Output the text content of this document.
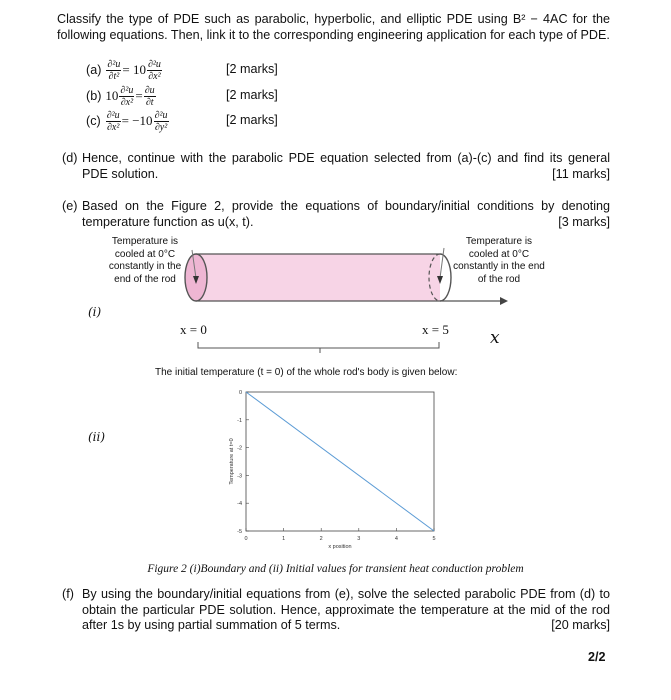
Classify the type of PDE such as parabolic, hyperbolic, and elliptic PDE using B² − 4AC for the following equations. Then, link it to the corresponding engineering application for each type of PDE.
$(a) \frac{\text{∂²u}}{\text{∂t²}} = 10 \frac{\text{∂²u}}{\text{∂x²}}$	[2 marks]
(b) $10 \frac{\text{∂²u}}{\text{∂x²}} = \frac{\partial u}{\partial t}$	[2 marks]
$(c) \frac{\text{∂²u}}{\text{∂x²}} = -10 \frac{\text{∂²u}}{\text{∂y²}}$	[2 marks]
(d) Hence, continue with the parabolic PDE equation selected from (a)-(c) and find its general PDE solution.	[11 marks]
(e) Based on the Figure 2, provide the equations of boundary/initial conditions by denoting temperature function as u(x, t).	[3 marks]
Temperature is
cooled at 0°C
constantly in the
end of the rod
Temperature is
cooled at 0°C
constantly in the end
of the rod
(i)
x = 0	x = 5 x
The initial temperature (t = 0) of the whole rod's body is given below:
(ii)
0	1	2	3	4	5
0
-1
-2
-3
-4
-5
x position
Temperature at t=0
Figure 2 (i)Boundary and (ii) Initial values for transient heat conduction problem
(f) By using the boundary/initial equations from (e), solve the selected parabolic PDE from (d) to obtain the particular PDE solution. Hence, approximate the temperature at the mid of the rod after 1s by using partial summation of 5 terms.	[20 marks]
2/2
